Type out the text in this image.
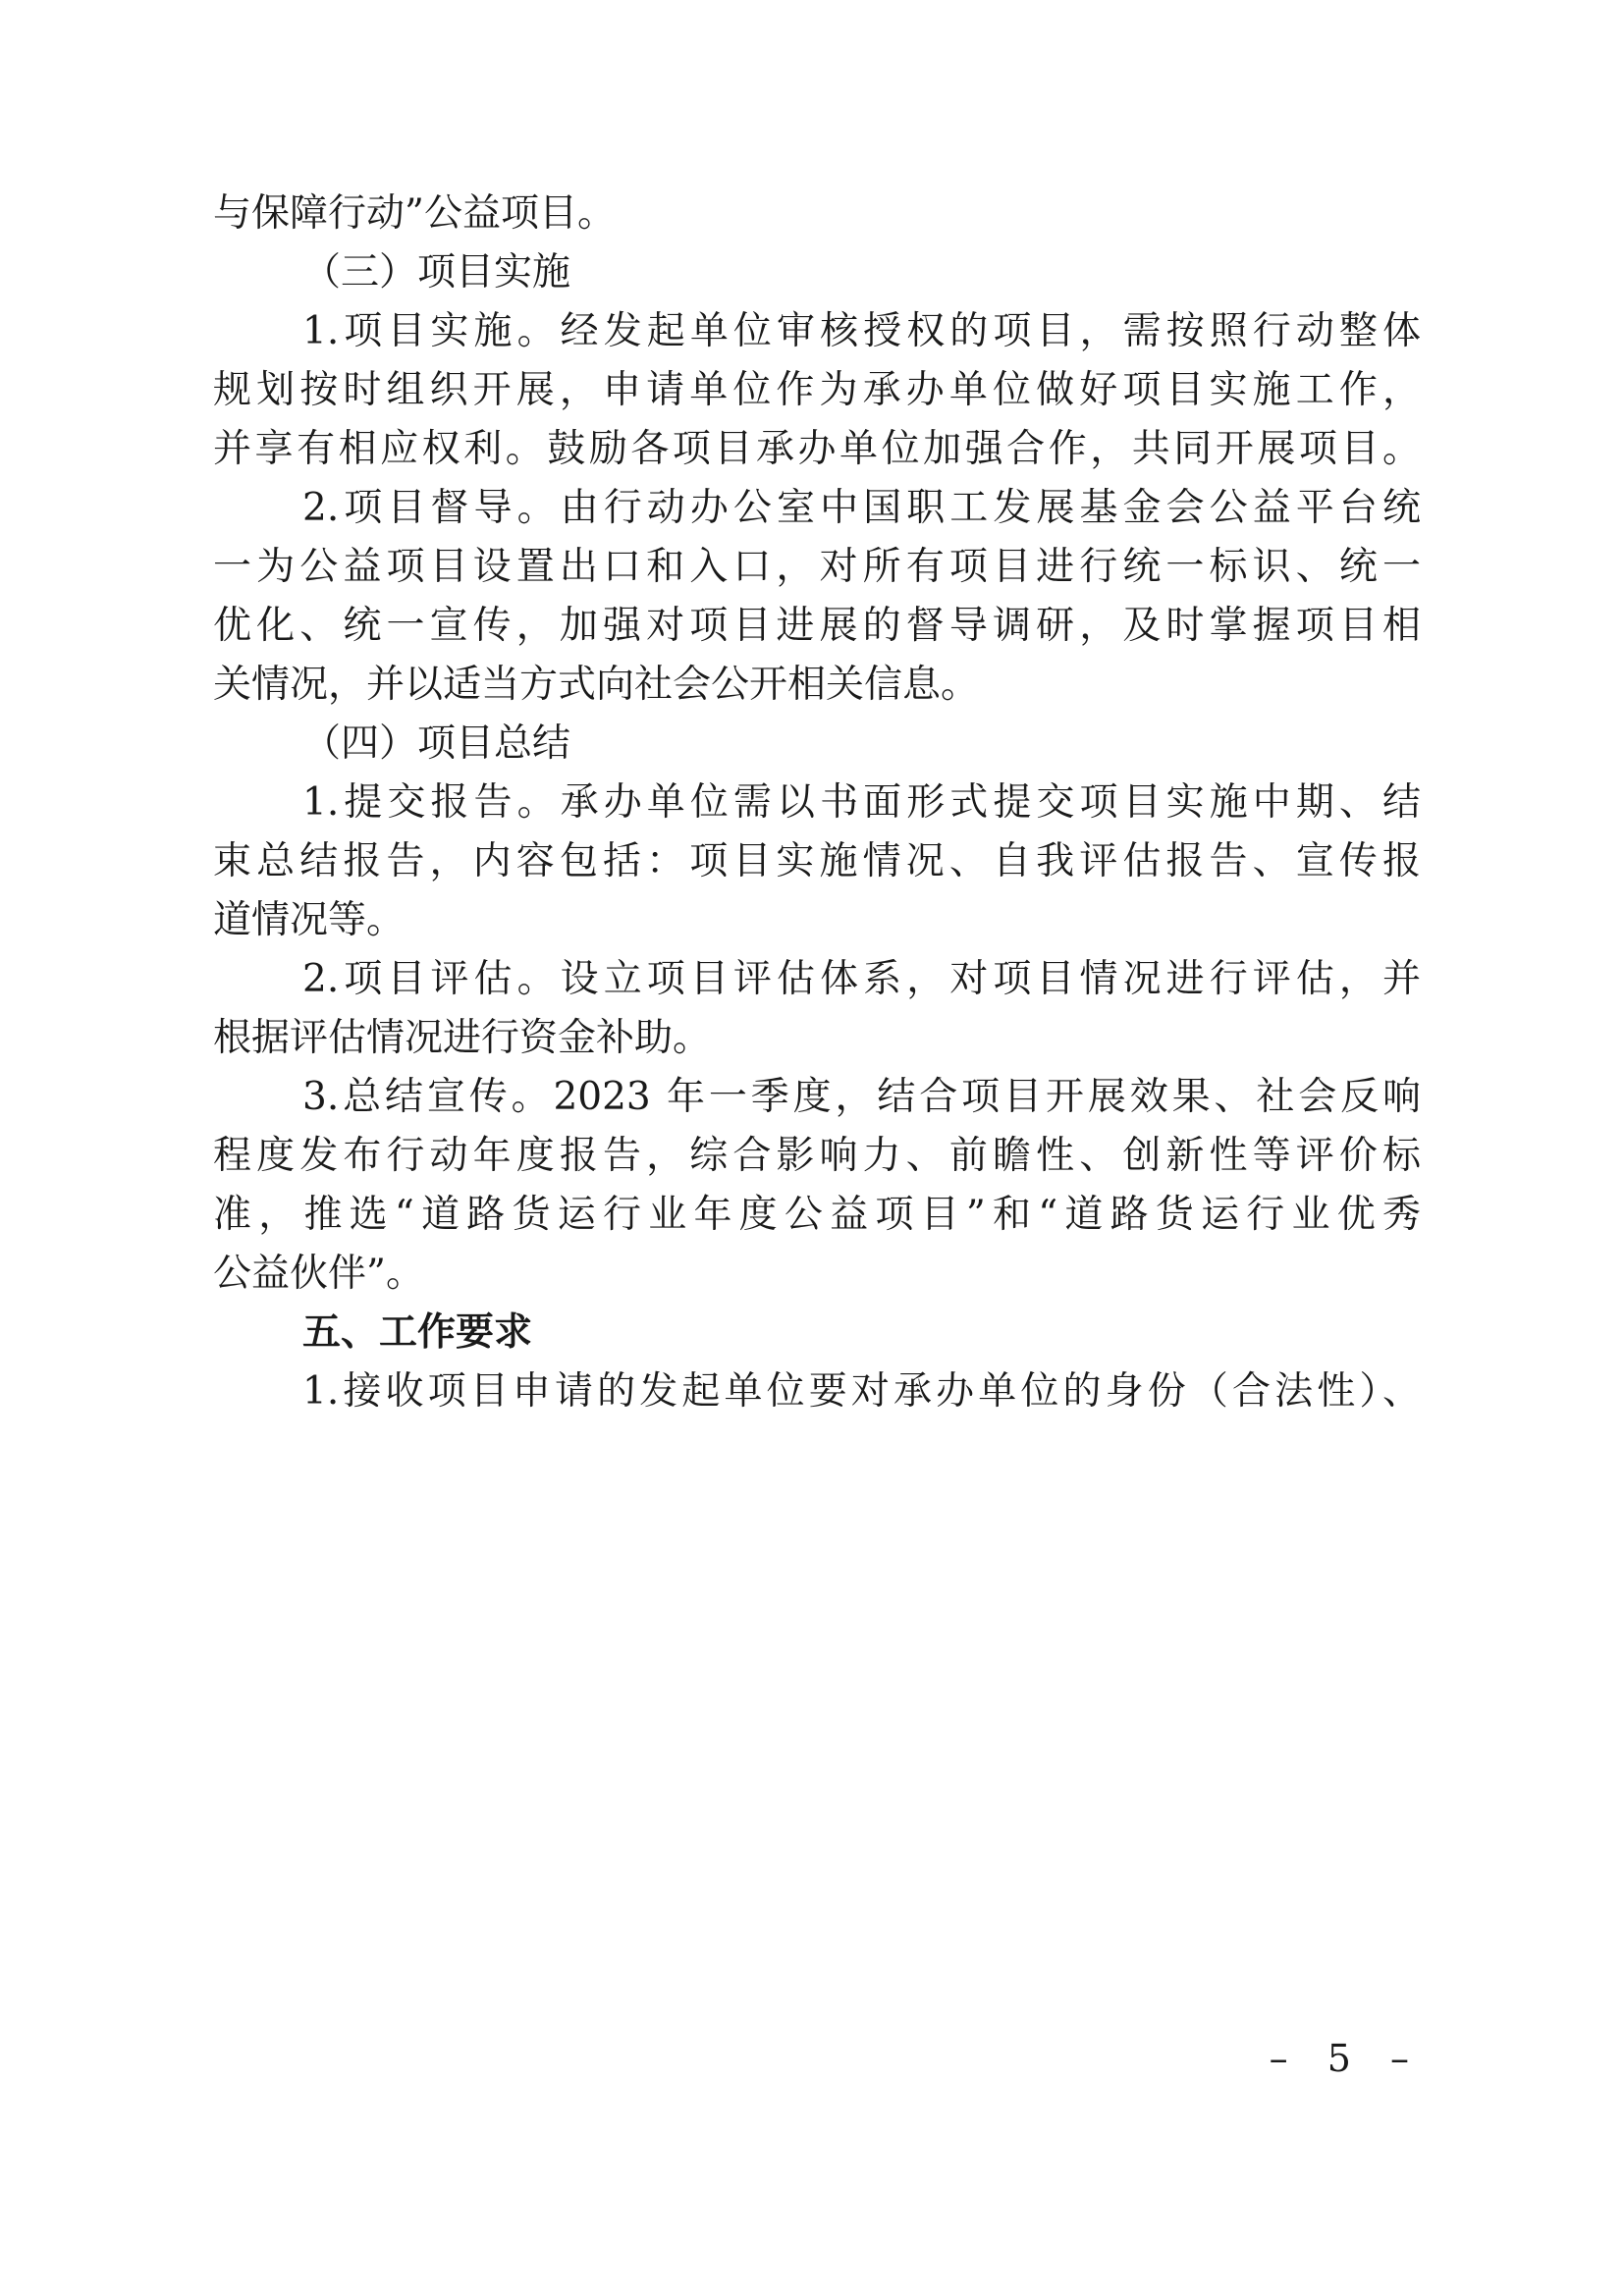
与保障行动”公益项目。
（三）项目实施
1.项目实施。经发起单位审核授权的项目，需按照行动整体
规划按时组织开展，申请单位作为承办单位做好项目实施工作，
并享有相应权利。鼓励各项目承办单位加强合作，共同开展项目。
2.项目督导。由行动办公室中国职工发展基金会公益平台统
一为公益项目设置出口和入口，对所有项目进行统一标识、统一
优化、统一宣传，加强对项目进展的督导调研，及时掌握项目相
关情况，并以适当方式向社会公开相关信息。
（四）项目总结
1.提交报告。承办单位需以书面形式提交项目实施中期、结
束总结报告，内容包括：项目实施情况、自我评估报告、宣传报
道情况等。
2.项目评估。设立项目评估体系，对项目情况进行评估，并
根据评估情况进行资金补助。
3.总结宣传。2023 年一季度，结合项目开展效果、社会反响
程度发布行动年度报告，综合影响力、前瞻性、创新性等评价标
准，推选“道路货运行业年度公益项目”和“道路货运行业优秀
公益伙伴”。
五、工作要求
1.接收项目申请的发起单位要对承办单位的身份（合法性）、
– 5 –
